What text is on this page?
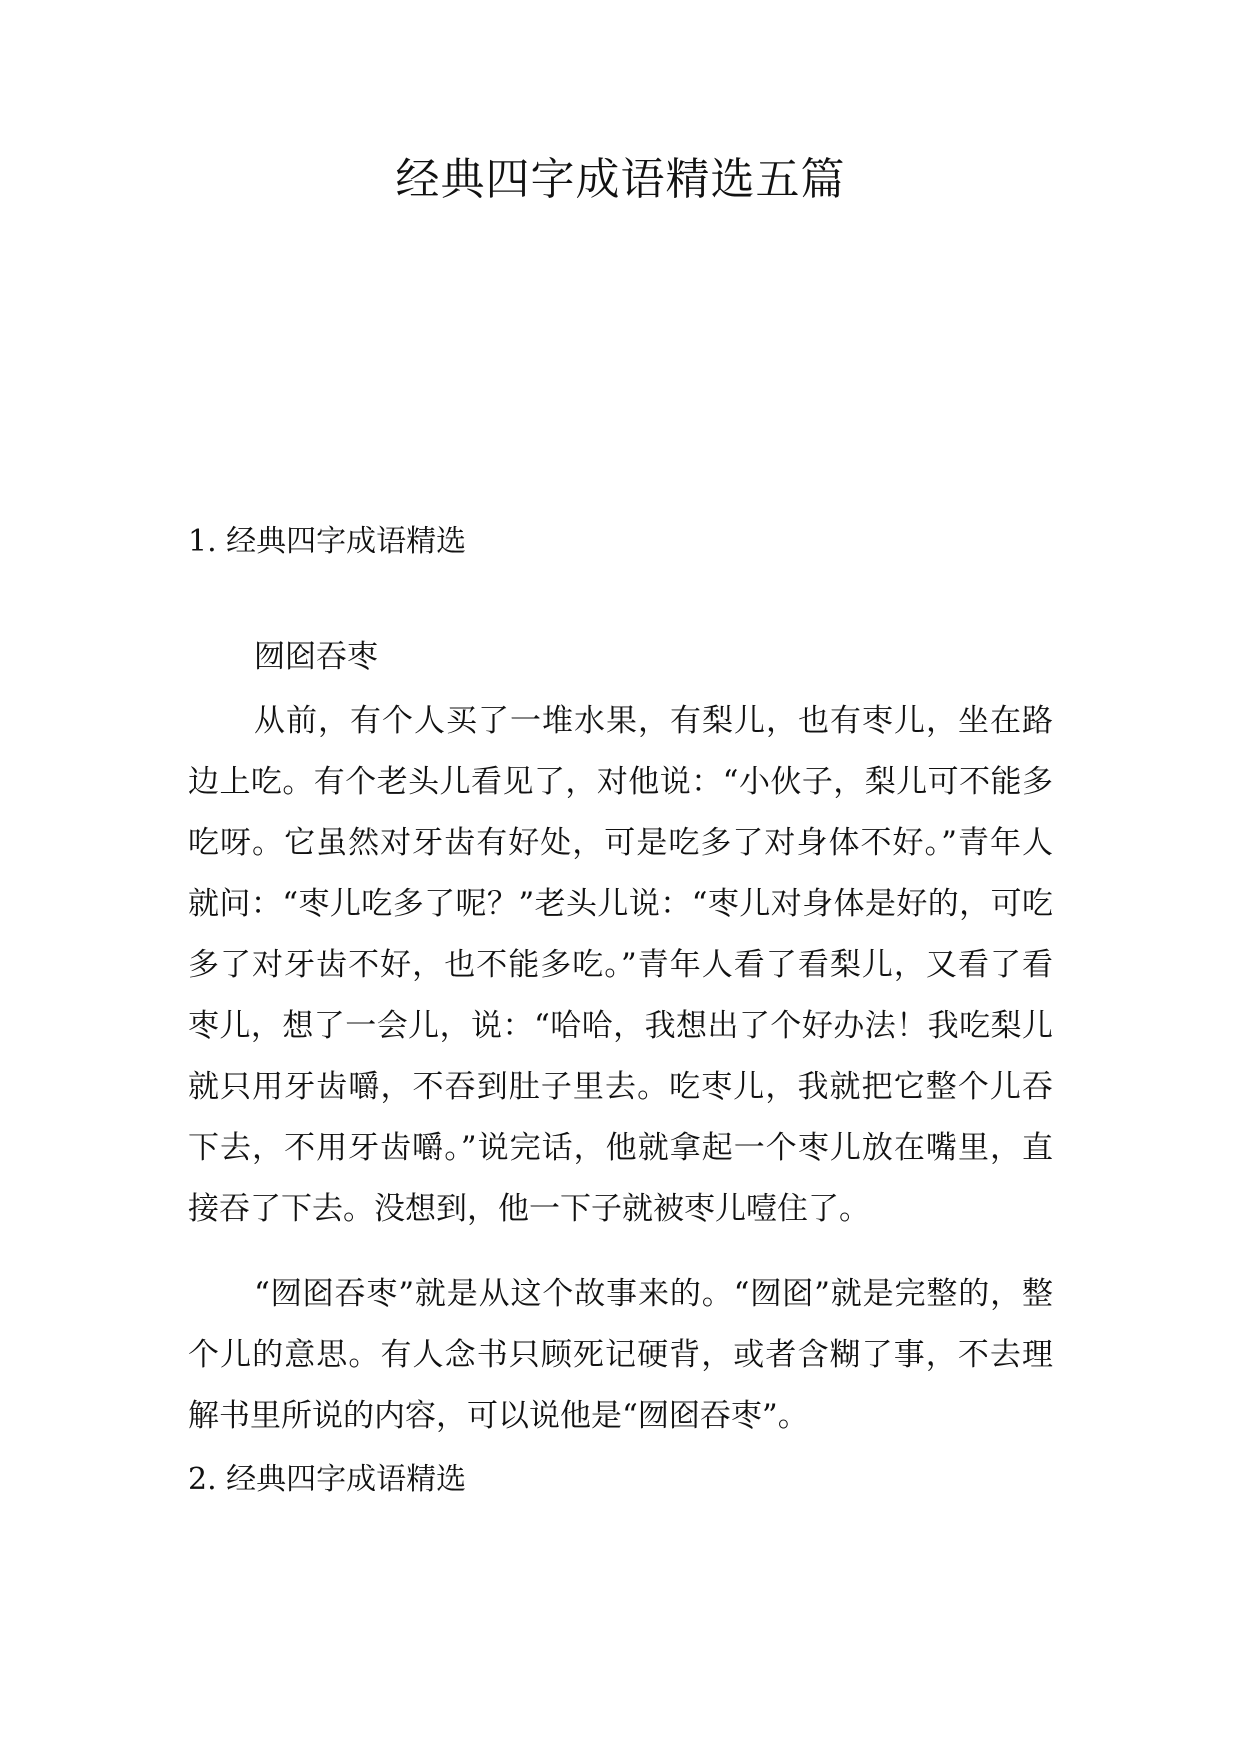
经典四字成语精选五篇
1. 经典四字成语精选
囫囵吞枣

从前，有个人买了一堆水果，有梨儿，也有枣儿，坐在路边上吃。有个老头儿看见了，对他说：“小伙子，梨儿可不能多吃呀。它虽然对牙齿有好处，可是吃多了对身体不好。”青年人就问：“枣儿吃多了呢？”老头儿说：“枣儿对身体是好的，可吃多了对牙齿不好，也不能多吃。”青年人看了看梨儿，又看了看枣儿，想了一会儿，说：“哈哈，我想出了个好办法！我吃梨儿就只用牙齿嚼，不吞到肚子里去。吃枣儿，我就把它整个儿吞下去，不用牙齿嚼。”说完话，他就拿起一个枣儿放在嘴里，直接吞了下去。没想到，他一下子就被枣儿噎住了。

“囫囵吞枣”就是从这个故事来的。“囫囵”就是完整的，整个儿的意思。有人念书只顾死记硬背，或者含糊了事，不去理解书里所说的内容，可以说他是“囫囵吞枣”。

2. 经典四字成语精选
